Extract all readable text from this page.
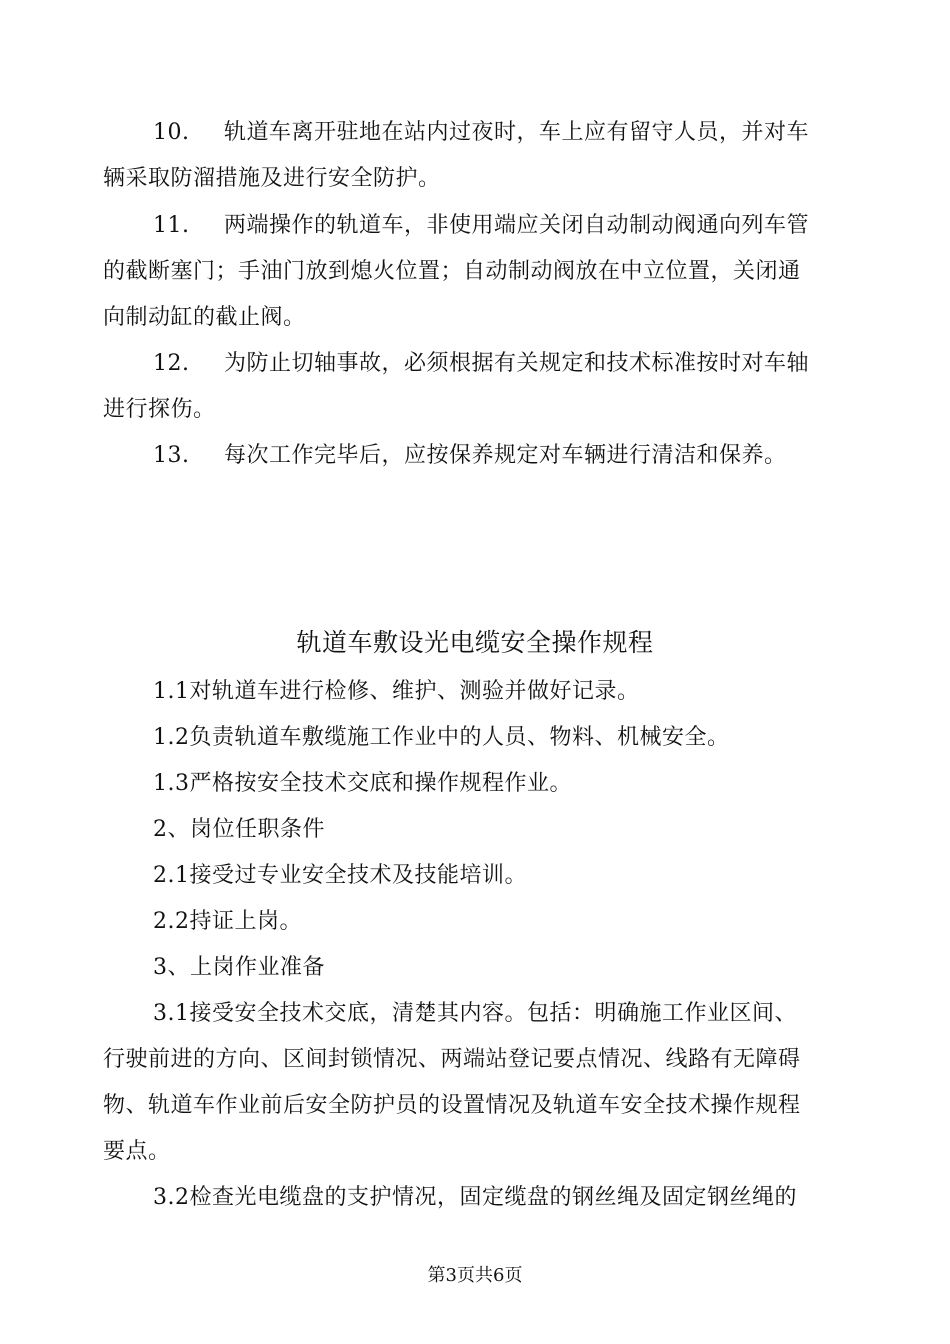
10. 轨道车离开驻地在站内过夜时，车上应有留守人员，并对车
辆采取防溜措施及进行安全防护。
11. 两端操作的轨道车，非使用端应关闭自动制动阀通向列车管
的截断塞门；手油门放到熄火位置；自动制动阀放在中立位置，关闭通
向制动缸的截止阀。
12. 为防止切轴事故，必须根据有关规定和技术标准按时对车轴
进行探伤。
13. 每次工作完毕后，应按保养规定对车辆进行清洁和保养。
轨道车敷设光电缆安全操作规程
1.1对轨道车进行检修、维护、测验并做好记录。
1.2负责轨道车敷缆施工作业中的人员、物料、机械安全。
1.3严格按安全技术交底和操作规程作业。
2、岗位任职条件
2.1接受过专业安全技术及技能培训。
2.2持证上岗。
3、上岗作业准备
3.1接受安全技术交底，清楚其内容。包括：明确施工作业区间、
行驶前进的方向、区间封锁情况、两端站登记要点情况、线路有无障碍
物、轨道车作业前后安全防护员的设置情况及轨道车安全技术操作规程
要点。
3.2检查光电缆盘的支护情况，固定缆盘的钢丝绳及固定钢丝绳的
第3页共6页
